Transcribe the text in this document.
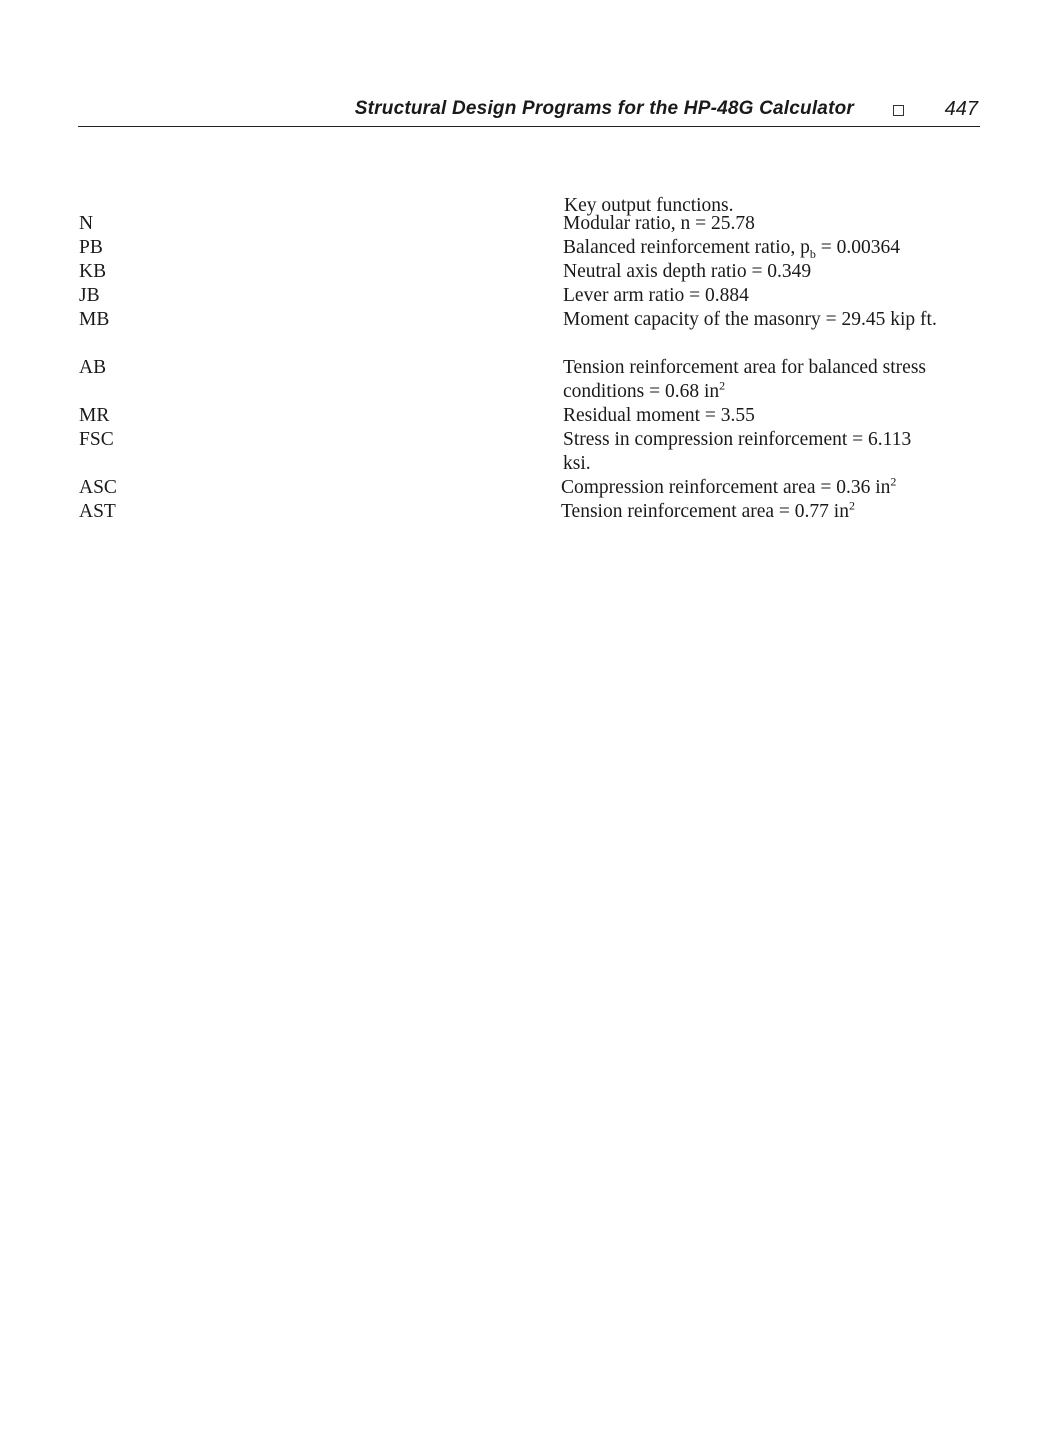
Structural Design Programs for the HP-48G Calculator	447
Key output functions.
N	Modular ratio, n = 25.78
PB	Balanced reinforcement ratio, $p_b = 0.00364$
KB	Neutral axis depth ratio = 0.349
JB	Lever arm ratio = 0.884
MB	Moment capacity of the masonry = 29.45 kip ft.
AB	Tension reinforcement area for balanced stress conditions = 0.68 $in^2$
MR	Residual moment = 3.55
FSC	Stress in compression reinforcement = 6.113 ksi.
ASC	Compression reinforcement area = 0.36 $in^2$
AST	Tension reinforcement area = 0.77 $in^2$
